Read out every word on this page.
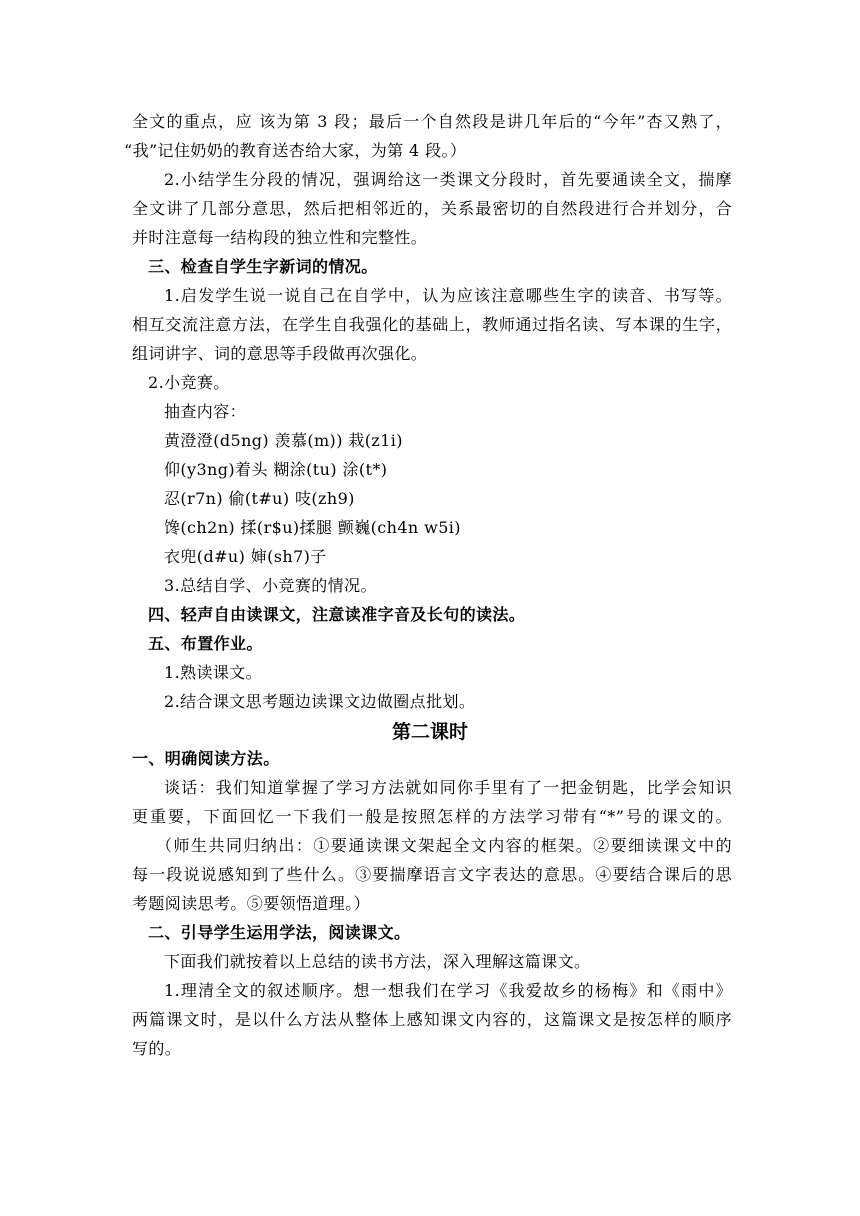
全文的重点，应 该为第 3 段；最后一个自然段是讲几年后的“今年”杏又熟了，
“我”记住奶奶的教育送杏给大家，为第 4 段。）
2.小结学生分段的情况，强调给这一类课文分段时，首先要通读全文，揣摩
全文讲了几部分意思，然后把相邻近的，关系最密切的自然段进行合并划分，合
并时注意每一结构段的独立性和完整性。
三、检查自学生字新词的情况。
1.启发学生说一说自己在自学中，认为应该注意哪些生字的读音、书写等。
相互交流注意方法，在学生自我强化的基础上，教师通过指名读、写本课的生字，
组词讲字、词的意思等手段做再次强化。
2.小竞赛。
抽查内容：
黄澄澄(d5ng) 羡慕(m)) 栽(z1i)
仰(y3ng)着头 糊涂(tu) 涂(t*)
忍(r7n) 偷(t#u) 吱(zh9)
馋(ch2n) 揉(r$u)揉腿 颤巍(ch4n w5i)
衣兜(d#u) 婶(sh7)子
3.总结自学、小竞赛的情况。
四、轻声自由读课文，注意读准字音及长句的读法。
五、布置作业。
1.熟读课文。
2.结合课文思考题边读课文边做圈点批划。
第二课时
一、明确阅读方法。
谈话：我们知道掌握了学习方法就如同你手里有了一把金钥匙，比学会知识
更重要，下面回忆一下我们一般是按照怎样的方法学习带有“*”号的课文的。
（师生共同归纳出：①要通读课文架起全文内容的框架。②要细读课文中的
每一段说说感知到了些什么。③要揣摩语言文字表达的意思。④要结合课后的思
考题阅读思考。⑤要领悟道理。）
二、引导学生运用学法，阅读课文。
下面我们就按着以上总结的读书方法，深入理解这篇课文。
1.理清全文的叙述顺序。想一想我们在学习《我爱故乡的杨梅》和《雨中》
两篇课文时，是以什么方法从整体上感知课文内容的，这篇课文是按怎样的顺序
写的。
